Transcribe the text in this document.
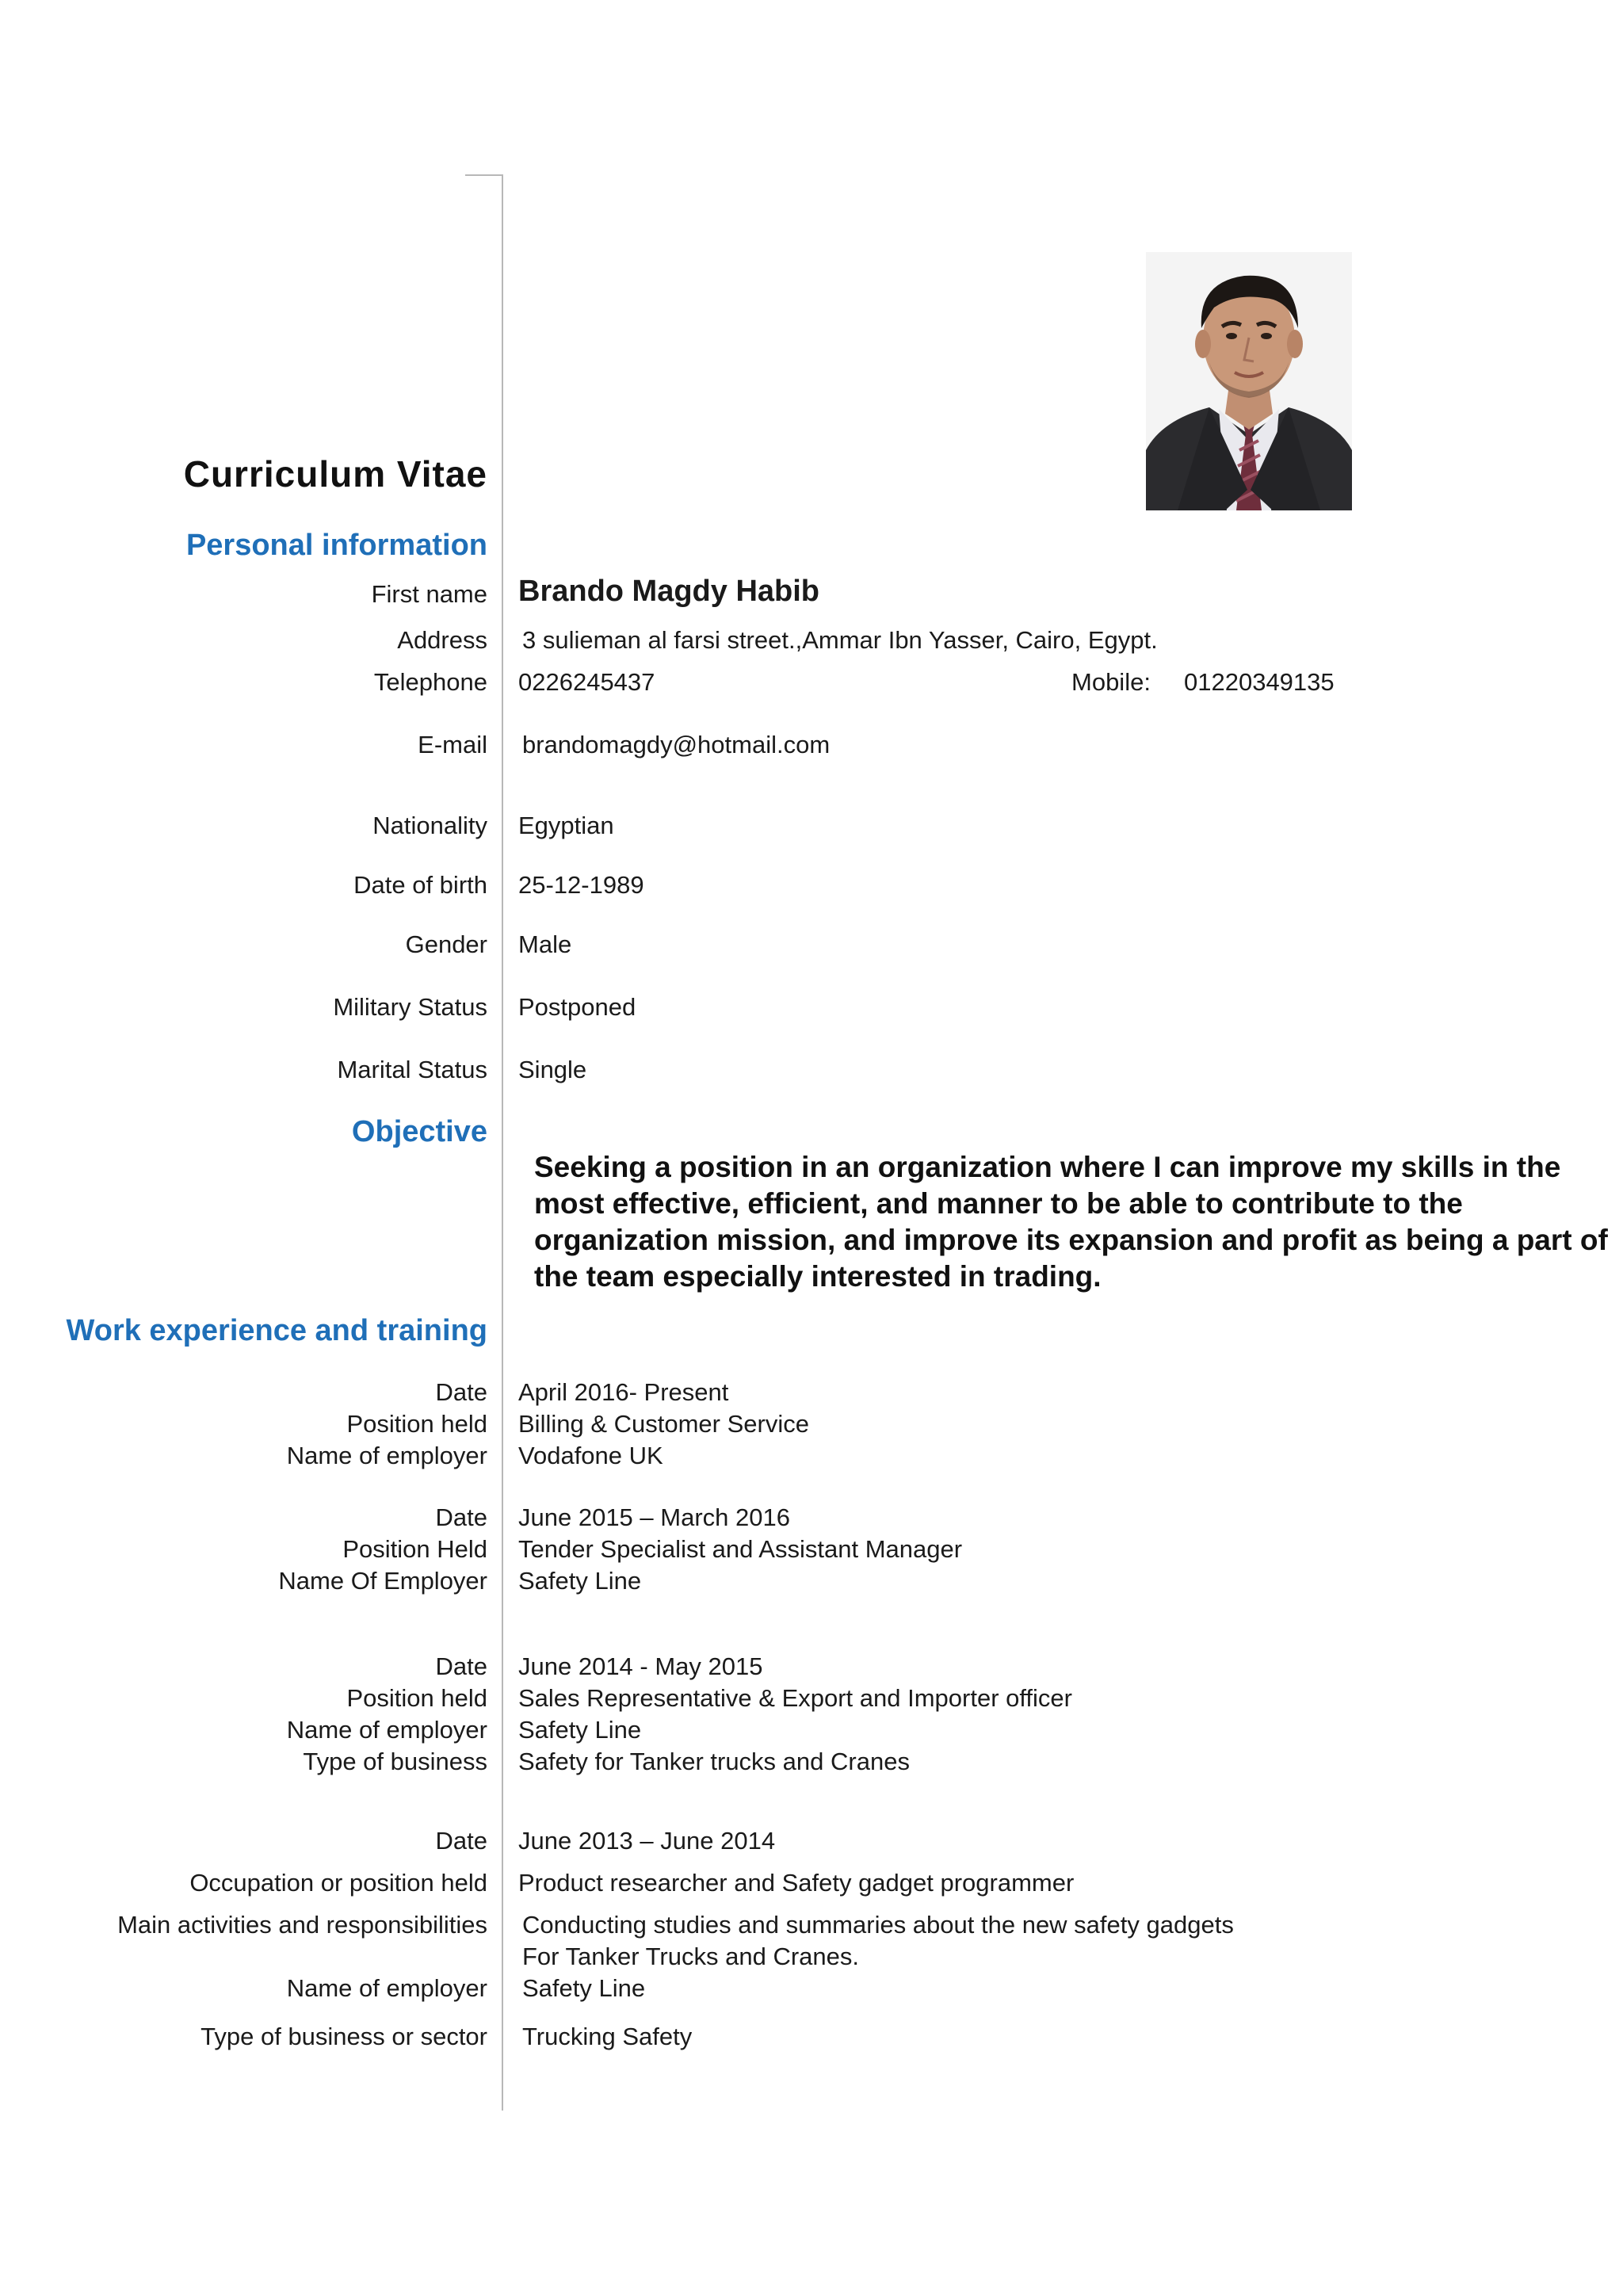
Curriculum Vitae
Personal information
First name Brando Magdy Habib
Address 3 sulieman al farsi street.,Ammar Ibn Yasser, Cairo, Egypt.
Telephone 0226245437	Mobile: 01220349135
E-mail brandomagdy@hotmail.com
Nationality Egyptian
Date of birth 25-12-1989
Gender Male
Military Status Postponed
Marital Status Single
Objective
Seeking a position in an organization where I can improve my skills in the
most effective, efficient, and manner to be able to contribute to the
organization mission, and improve its expansion and profit as being a part of
the team especially interested in trading.
Work experience and training
Date April 2016- Present
Position held Billing & Customer Service
Name of employer Vodafone UK
Date June 2015 – March 2016
Position Held Tender Specialist and Assistant Manager
Name Of Employer Safety Line
Date June 2014 - May 2015
Position held Sales Representative & Export and Importer officer
Name of employer Safety Line
Type of business Safety for Tanker trucks and Cranes
Date June 2013 – June 2014
Occupation or position held Product researcher and Safety gadget programmer
Main activities and responsibilities Conducting studies and summaries about the new safety gadgets
For Tanker Trucks and Cranes.
Name of employer Safety Line
Type of business or sector Trucking Safety
